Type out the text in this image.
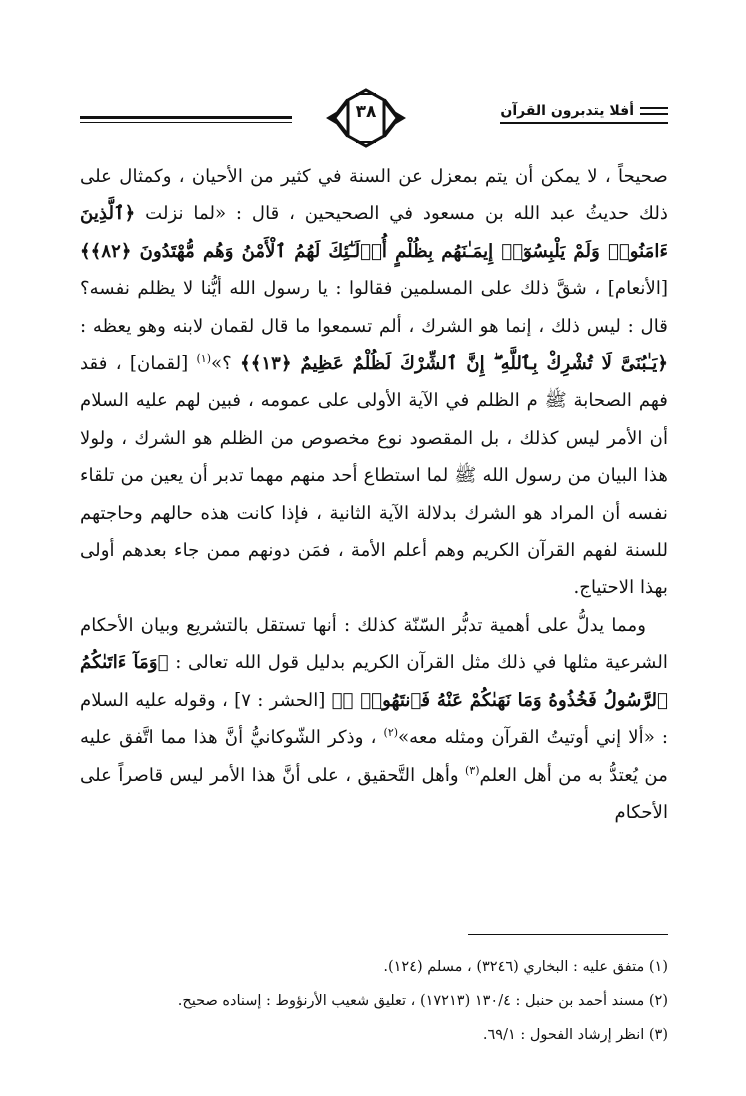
٣٨	أفلا يتدبرون القرآن

صحيحاً ، لا يمكن أن يتم بمعزل عن السنة في كثير من الأحيان ، وكمثال على ذلك حديثُ عبد الله بن مسعود في الصحيحين ، قال : «لما نزلت ﴿ٱلَّذِينَ ءَامَنُوا۟ وَلَمْ يَلْبِسُوٓا۟ إِيمَـٰنَهُم بِظُلْمٍ أُو۟لَـٰٓئِكَ لَهُمُ ٱلْأَمْنُ وَهُم مُّهْتَدُونَ ﴿٨٢﴾﴾ [الأنعام] ، شقَّ ذلك على المسلمين فقالوا : يا رسول الله أيُّنا لا يظلم نفسه؟ قال : ليس ذلك ، إنما هو الشرك ، ألم تسمعوا ما قال لقمان لابنه وهو يعظه : ﴿يَـٰبُنَىَّ لَا تُشْرِكْ بِٱللَّهِ ۖ إِنَّ ٱلشِّرْكَ لَظُلْمٌ عَظِيمٌ ﴿١٣﴾﴾ ؟»$^{(١)}$ [لقمان] ، فقد فهم الصحابة ﷺ م الظلم في الآية الأولى على عمومه ، فبين لهم عليه السلام أن الأمر ليس كذلك ، بل المقصود نوع مخصوص من الظلم هو الشرك ، ولولا هذا البيان من رسول الله ﷺ لما استطاع أحد منهم مهما تدبر أن يعين من تلقاء نفسه أن المراد هو الشرك بدلالة الآية الثانية ، فإذا كانت هذه حالهم وحاجتهم للسنة لفهم القرآن الكريم وهم أعلم الأمة ، فمَن دونهم ممن جاء بعدهم أولى بهذا الاحتياج.

ومما يدلُّ على أهمية تدبُّر السّنّة كذلك : أنها تستقل بالتشريع وبيان الأحكام الشرعية مثلها في ذلك مثل القرآن الكريم بدليل قول الله تعالى : ﴿وَمَآ ءَاتَىٰكُمُ ٱلرَّسُولُ فَخُذُوهُ وَمَا نَهَىٰكُمْ عَنْهُ فَٱنتَهُوا۟ ۚ﴾ [الحشر : ٧] ، وقوله عليه السلام : «ألا إني أوتيتُ القرآن ومثله معه»$^{(٢)}$ ، وذكر الشّوكانيُّ أنَّ هذا مما اتَّفق عليه من يُعتدُّ به من أهل العلم$^{(٣)}$ وأهل التَّحقيق ، على أنَّ هذا الأمر ليس قاصراً على الأحكام

(١) متفق عليه : البخاري (٣٢٤٦) ، مسلم (١٢٤).

(٢) مسند أحمد بن حنبل : ١٣٠/٤ (١٧٢١٣) ، تعليق شعيب الأرنؤوط : إسناده صحيح.

(٣) انظر إرشاد الفحول : ٦٩/١.
